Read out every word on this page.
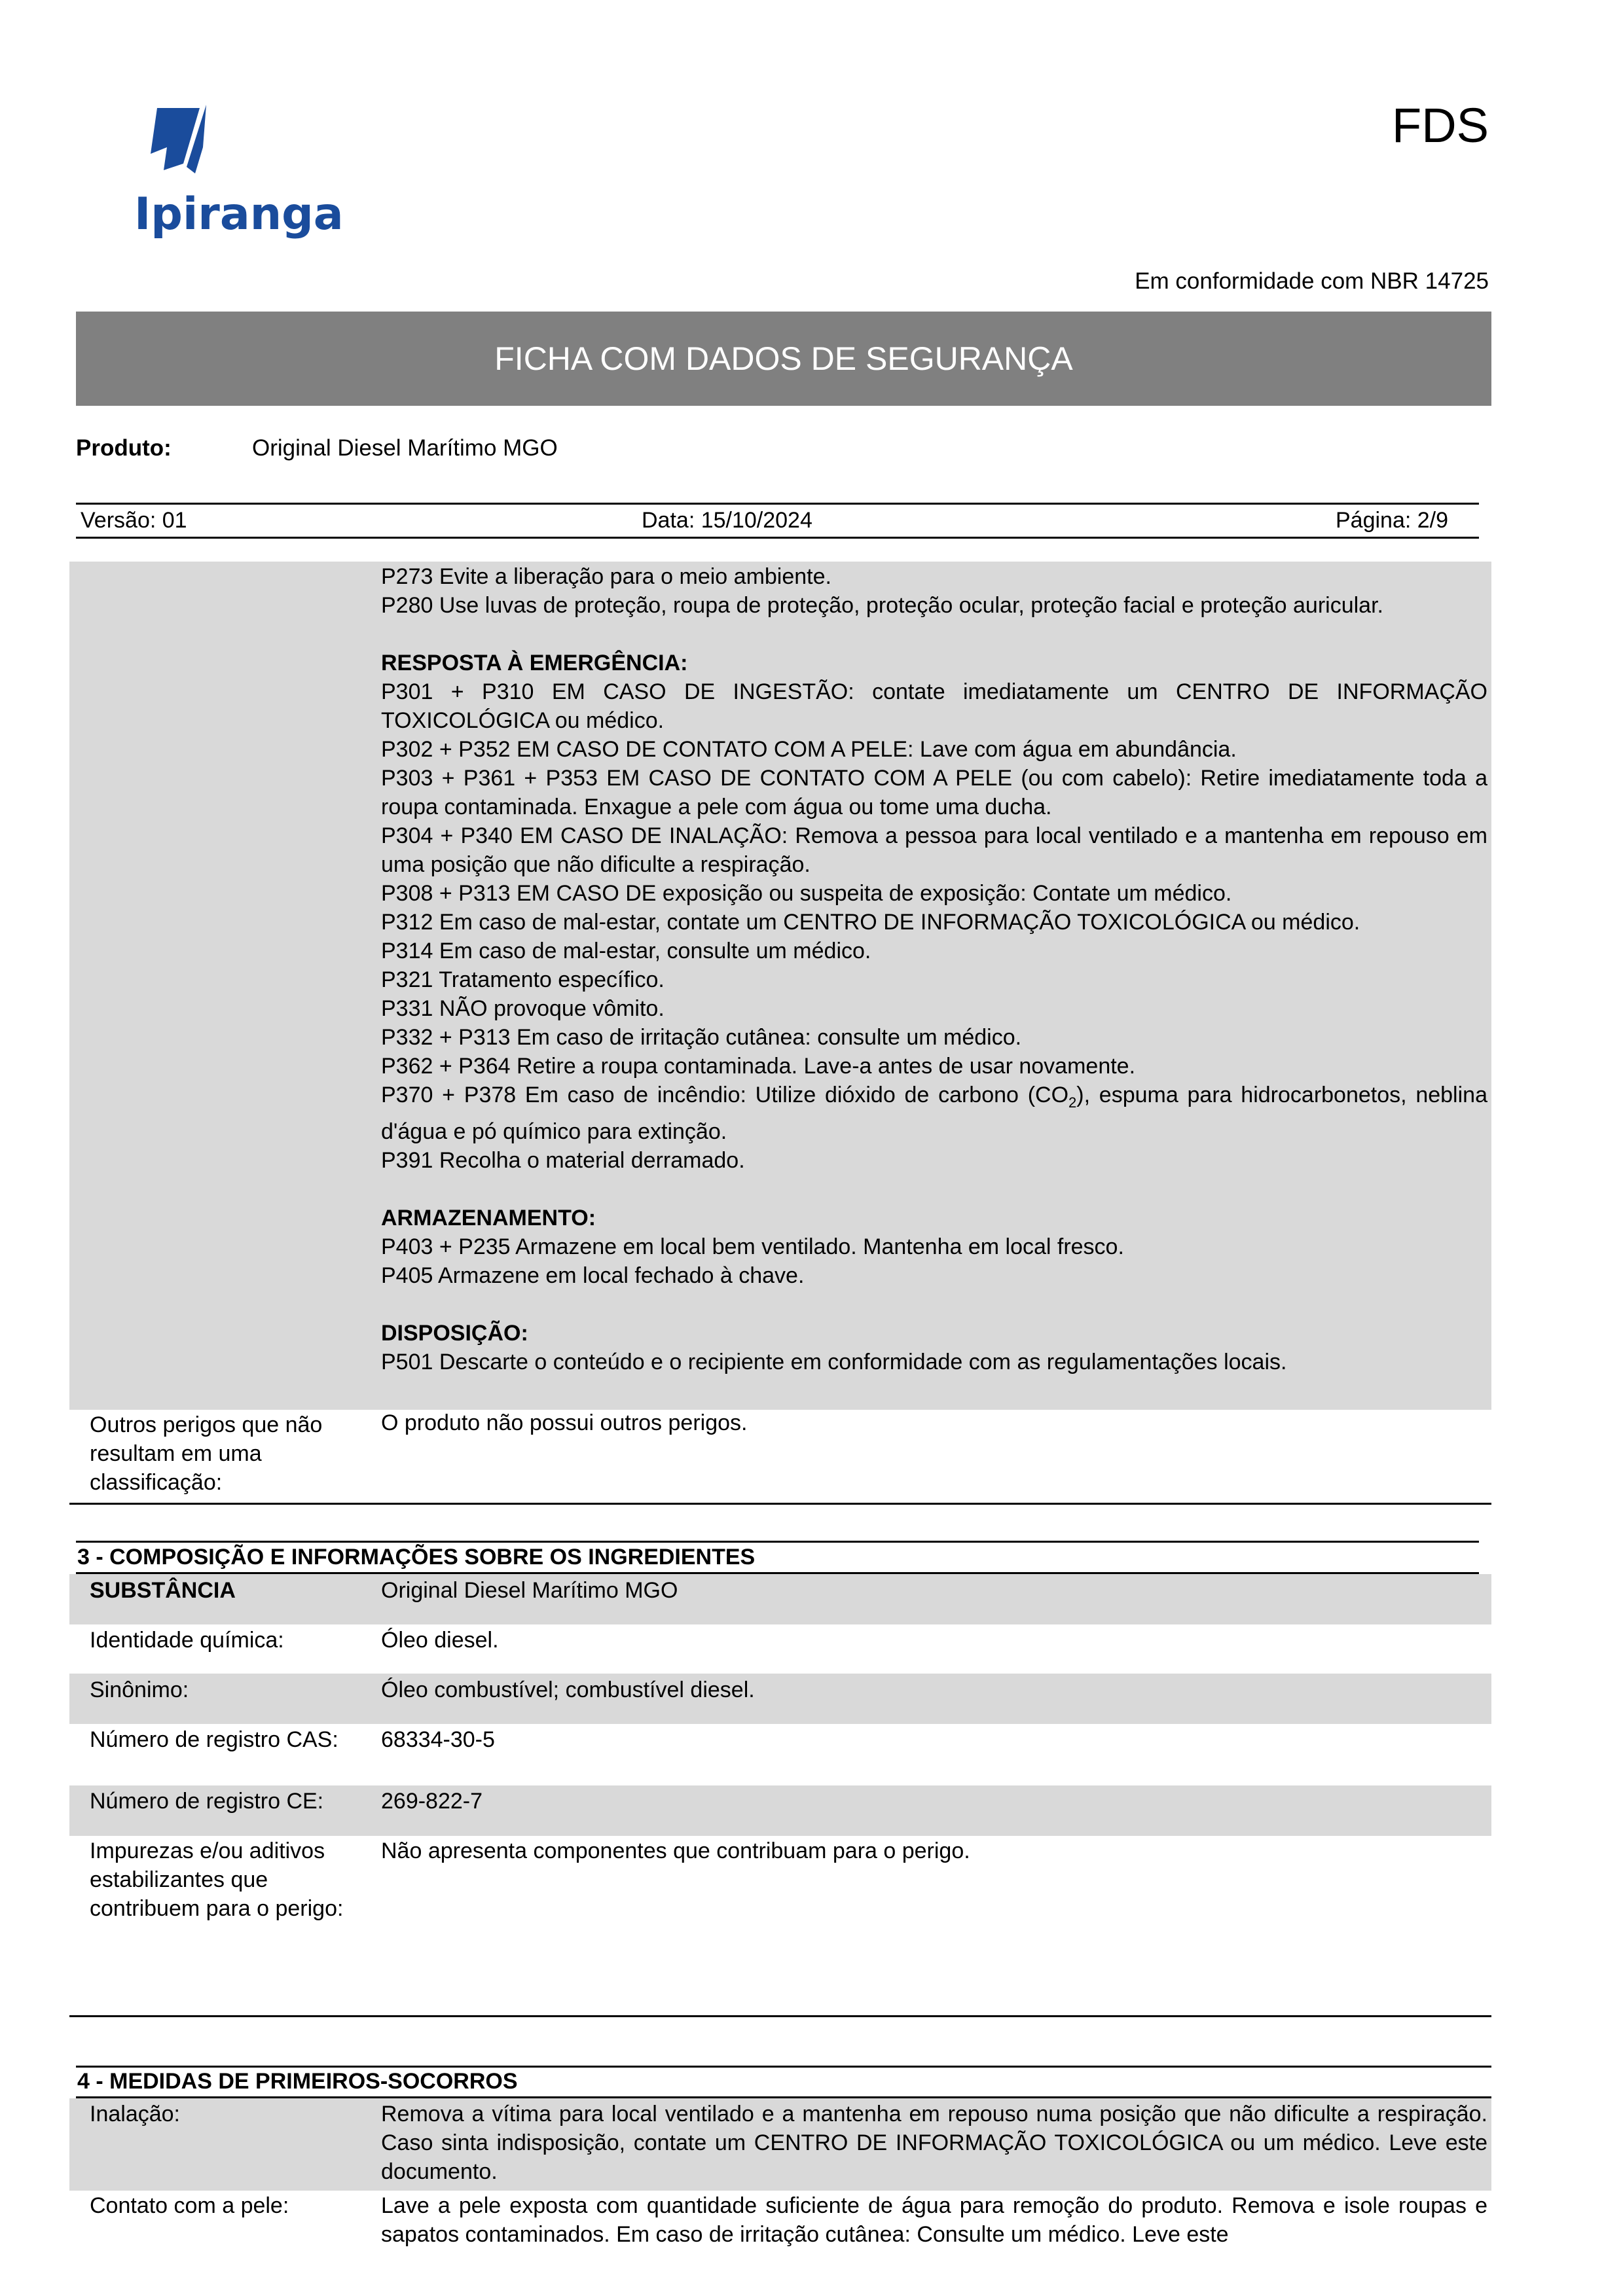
Ipiranga
FDS
Em conformidade com NBR 14725
FICHA COM DADOS DE SEGURANÇA
Produto:	Original Diesel Marítimo MGO
Versão: 01	Data: 15/10/2024	Página: 2/9
P273 Evite a liberação para o meio ambiente.
P280 Use luvas de proteção, roupa de proteção, proteção ocular, proteção facial e proteção auricular.
RESPOSTA À EMERGÊNCIA:
P301 + P310 EM CASO DE INGESTÃO: contate imediatamente um CENTRO DE INFORMAÇÃO TOXICOLÓGICA ou médico.
P302 + P352 EM CASO DE CONTATO COM A PELE: Lave com água em abundância.
P303 + P361 + P353 EM CASO DE CONTATO COM A PELE (ou com cabelo): Retire imediatamente toda a roupa contaminada. Enxague a pele com água ou tome uma ducha.
P304 + P340 EM CASO DE INALAÇÃO: Remova a pessoa para local ventilado e a mantenha em repouso em uma posição que não dificulte a respiração.
P308 + P313 EM CASO DE exposição ou suspeita de exposição: Contate um médico.
P312 Em caso de mal-estar, contate um CENTRO DE INFORMAÇÃO TOXICOLÓGICA ou médico.
P314 Em caso de mal-estar, consulte um médico.
P321 Tratamento específico.
P331 NÃO provoque vômito.
P332 + P313 Em caso de irritação cutânea: consulte um médico.
P362 + P364 Retire a roupa contaminada. Lave-a antes de usar novamente.
P370 + P378 Em caso de incêndio: Utilize dióxido de carbono $(CO_2)$, espuma para hidrocarbonetos, neblina d'água e pó químico para extinção.
P391 Recolha o material derramado.
ARMAZENAMENTO:
P403 + P235 Armazene em local bem ventilado. Mantenha em local fresco.
P405 Armazene em local fechado à chave.
DISPOSIÇÃO:
P501 Descarte o conteúdo e o recipiente em conformidade com as regulamentações locais.
Outros perigos que não resultam em uma classificação:
O produto não possui outros perigos.
3 - COMPOSIÇÃO E INFORMAÇÕES SOBRE OS INGREDIENTES
SUBSTÂNCIA	Original Diesel Marítimo MGO
Identidade química:	Óleo diesel.
Sinônimo:	Óleo combustível; combustível diesel.
Número de registro CAS: 68334-30-5
Número de registro CE:	269-822-7
Impurezas e/ou aditivos estabilizantes que contribuem para o perigo:
Não apresenta componentes que contribuam para o perigo.
4 - MEDIDAS DE PRIMEIROS-SOCORROS
Inalação:	Remova a vítima para local ventilado e a mantenha em repouso numa posição que não dificulte a respiração. Caso sinta indisposição, contate um CENTRO DE INFORMAÇÃO TOXICOLÓGICA ou um médico. Leve este documento.
Contato com a pele:	Lave a pele exposta com quantidade suficiente de água para remoção do produto. Remova e isole roupas e sapatos contaminados. Em caso de irritação cutânea: Consulte um médico. Leve este
